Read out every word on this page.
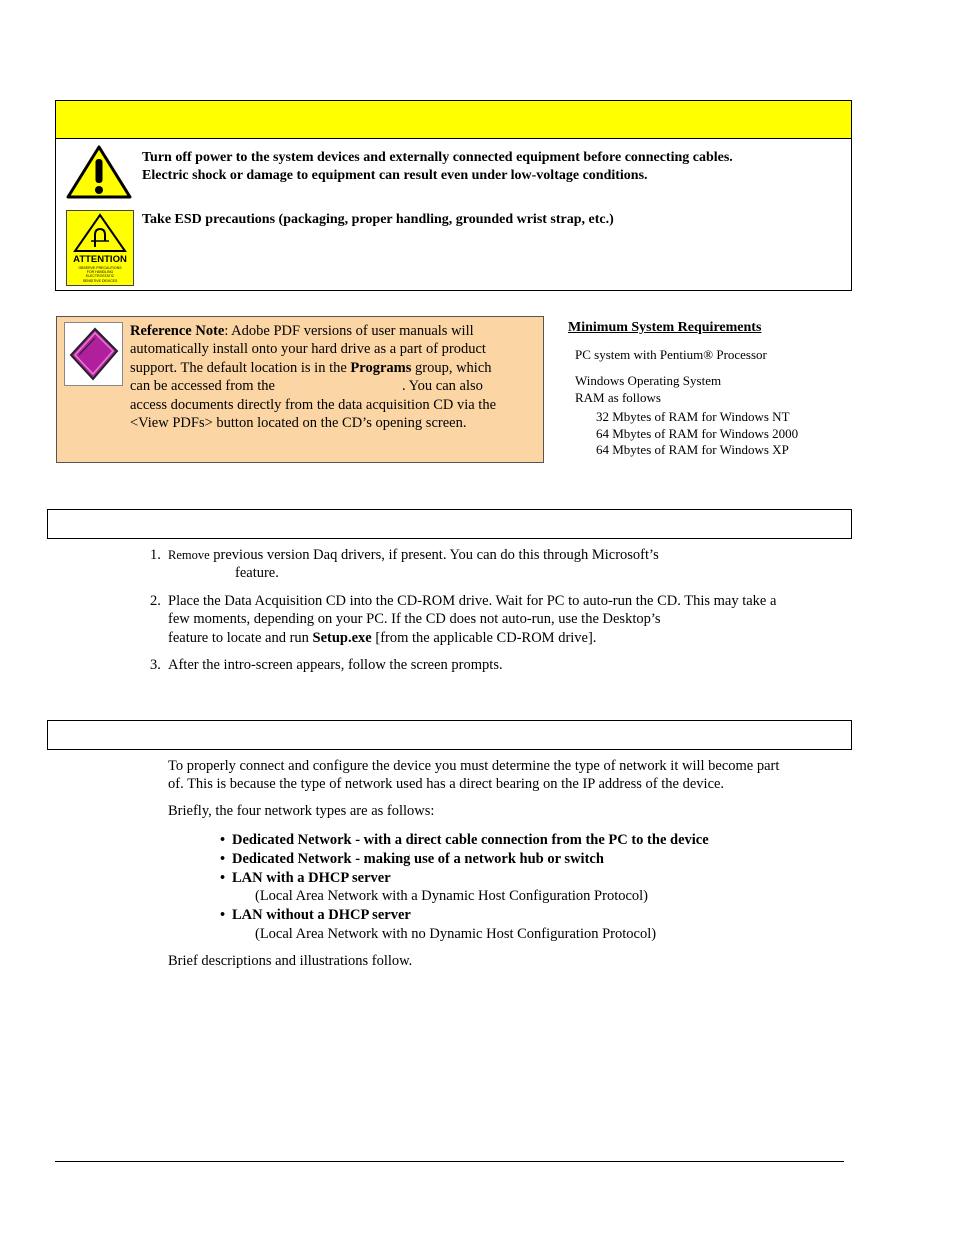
Turn off power to the system devices and externally connected equipment before connecting cables.
Electric shock or damage to equipment can result even under low-voltage conditions.
ATTENTION
OBSERVE PRECAUTIONS FOR HANDLING ELECTROSTATIC SENSITIVE DEVICES
Take ESD precautions (packaging, proper handling, grounded wrist strap, etc.)
Reference Note: Adobe PDF versions of user manuals will
automatically install onto your hard drive as a part of product
support. The default location is in the Programs group, which
can be accessed from the	. You can also
access documents directly from the data acquisition CD via the
<View PDFs> button located on the CD’s opening screen.
Minimum System Requirements
PC system with Pentium® Processor
Windows Operating System
RAM as follows
32 Mbytes of RAM for Windows NT
64 Mbytes of RAM for Windows 2000
64 Mbytes of RAM for Windows XP
1. Remove previous version Daq drivers, if present. You can do this through Microsoft’s
feature.
2. Place the Data Acquisition CD into the CD-ROM drive. Wait for PC to auto-run the CD. This may take a
few moments, depending on your PC. If the CD does not auto-run, use the Desktop’s
feature to locate and run Setup.exe [from the applicable CD-ROM drive].
3. After the intro-screen appears, follow the screen prompts.
To properly connect and configure the device you must determine the type of network it will become part
of. This is because the type of network used has a direct bearing on the IP address of the device.
Briefly, the four network types are as follows:
• Dedicated Network - with a direct cable connection from the PC to the device
• Dedicated Network - making use of a network hub or switch
• LAN with a DHCP server
(Local Area Network with a Dynamic Host Configuration Protocol)
• LAN without a DHCP server
(Local Area Network with no Dynamic Host Configuration Protocol)
Brief descriptions and illustrations follow.
